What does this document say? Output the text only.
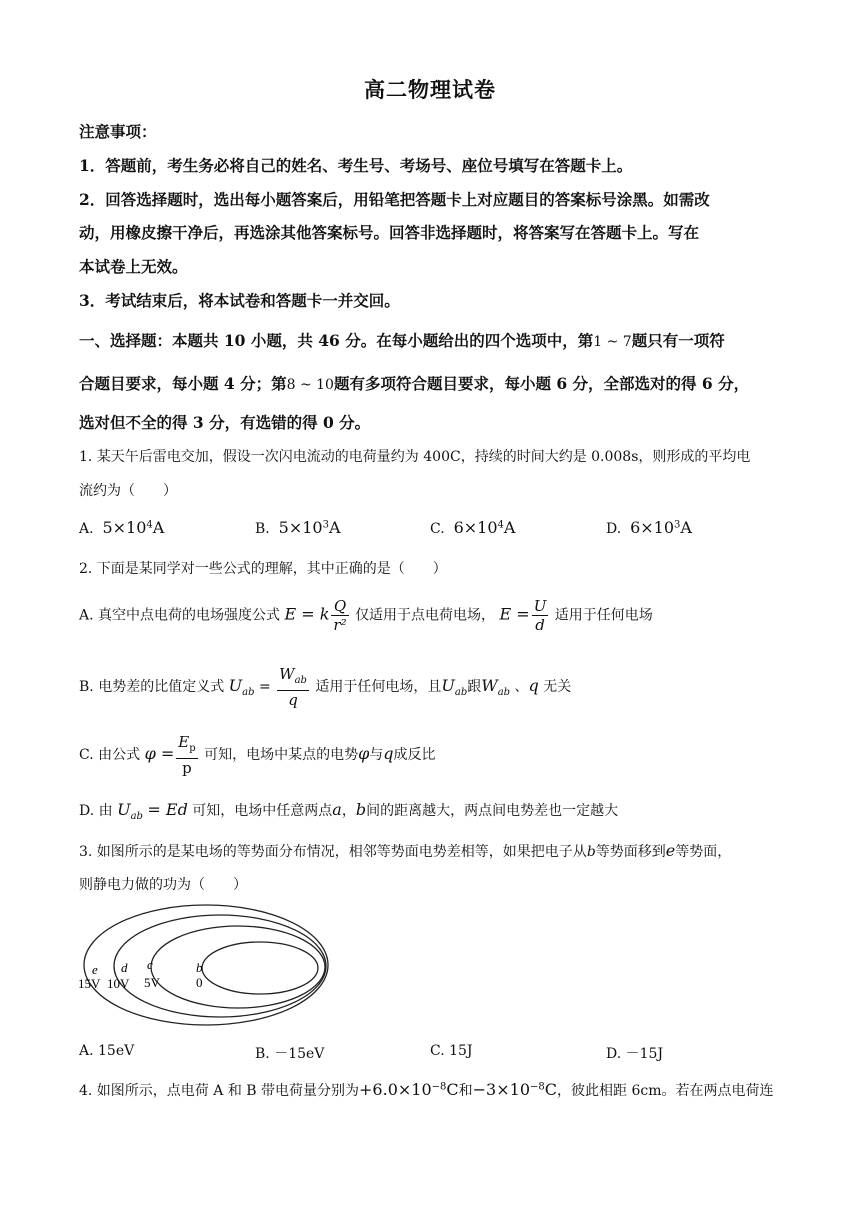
高二物理试卷
注意事项：
1．答题前，考生务必将自己的姓名、考生号、考场号、座位号填写在答题卡上。
2．回答选择题时，选出每小题答案后，用铅笔把答题卡上对应题目的答案标号涂黑。如需改
动，用橡皮擦干净后，再选涂其他答案标号。回答非选择题时，将答案写在答题卡上。写在
本试卷上无效。
3．考试结束后，将本试卷和答题卡一并交回。
一、选择题：本题共 10 小题，共 46 分。在每小题给出的四个选项中，第1 ~ 7题只有一项符
合题目要求，每小题 4 分；第8 ~ 10题有多项符合题目要求，每小题 6 分，全部选对的得 6 分，
选对但不全的得 3 分，有选错的得 0 分。
1. 某天午后雷电交加，假设一次闪电流动的电荷量约为 400C，持续的时间大约是 0.008s，则形成的平均电
流约为（　　）
A. $5\times 10^4A$	B. $5\times 10^3A$	C. $6\times 10^4A$	D. $6\times 10^3A$
2. 下面是某同学对一些公式的理解，其中正确的是（　　）
A. 真空中点电荷的电场强度公式 E = k $\frac{Q}{\text{r²}}$ 仅适用于点电荷电场， $E = \frac{U}{d}$ 适用于任何电场
B. 电势差的比值定义式 $U_{ab} = \frac{W_{ab}}{q}$ 适用于任何电场，且$U_{ab}$跟$W_{ab}$ 、q 无关
C. 由公式 $\varphi = \frac{E_p}{p}$ 可知，电场中某点的电势φ与q成反比
D. 由 $U_{ab} = Ed$ 可知，电场中任意两点a，b间的距离越大，两点间电势差也一定越大
3. 如图所示的是某电场的等势面分布情况，相邻等势面电势差相等，如果把电子从b等势面移到e等势面，
则静电力做的功为（　　）
e d c	b
15V 10V 5V	0
A. 15eV	B. －15eV	C. 15J	D. －15J
4. 如图所示，点电荷 A 和 B 带电荷量分别为$+6.0\times 10^{-8}C$和$-3\times 10^{-8}C$，彼此相距 6cm。若在两点电荷连
